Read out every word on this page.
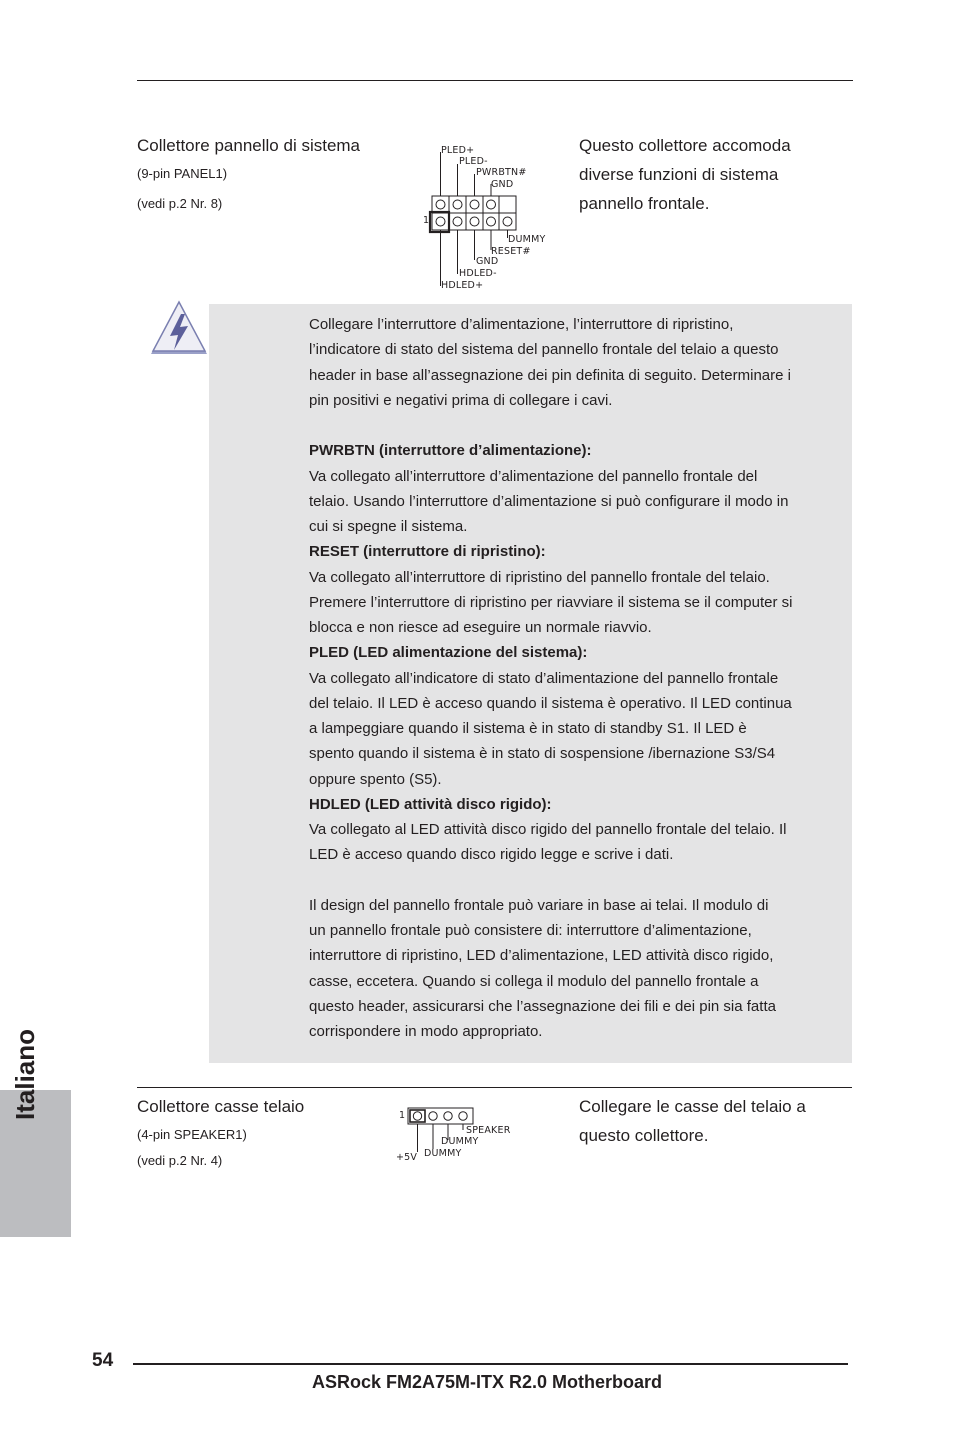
Collettore pannello di sistema
(9-pin PANEL1)
(vedi p.2 Nr. 8)
Questo collettore accomoda
diverse funzioni di sistema
pannello frontale.
PLED+
PLED-
PWRBTN#
GND
1
DUMMY
RESET#
GND
HDLED-
HDLED+

Collegare l’interruttore d’alimentazione, l’interruttore di ripristino,

l’indicatore di stato del sistema del pannello frontale del telaio a questo

header in base all’assegnazione dei pin definita di seguito. Determinare i

pin positivi e negativi prima di collegare i cavi.

PWRBTN (interruttore d’alimentazione):

Va collegato all’interruttore d’alimentazione del pannello frontale del

telaio. Usando l’interruttore d’alimentazione si può configurare il modo in

cui si spegne il sistema.

RESET (interruttore di ripristino):

Va collegato all’interruttore di ripristino del pannello frontale del telaio.

Premere l’interruttore di ripristino per riavviare il sistema se il computer si

blocca e non riesce ad eseguire un normale riavvio.

PLED (LED alimentazione del sistema):

Va collegato all’indicatore di stato d’alimentazione del pannello frontale

del telaio. Il LED è acceso quando il sistema è operativo. Il LED continua

a lampeggiare quando il sistema è in stato di standby S1. Il LED è

spento quando il sistema è in stato di sospensione /ibernazione S3/S4

oppure spento (S5).

HDLED (LED attività disco rigido):

Va collegato al LED attività disco rigido del pannello frontale del telaio. Il

LED è acceso quando disco rigido legge e scrive i dati.

Il design del pannello frontale può variare in base ai telai. Il modulo di

un pannello frontale può consistere di: interruttore d’alimentazione,

interruttore di ripristino, LED d’alimentazione, LED attività disco rigido,

casse, eccetera. Quando si collega il modulo del pannello frontale a

questo header, assicurarsi che l’assegnazione dei fili e dei pin sia fatta

corrispondere in modo appropriato.

Collettore casse telaio
(4-pin SPEAKER1)
(vedi p.2 Nr. 4)
Collegare le casse del telaio a
questo collettore.
1
SPEAKER
DUMMY
DUMMY
+5V
Italiano
54
ASRock FM2A75M-ITX R2.0 Motherboard
